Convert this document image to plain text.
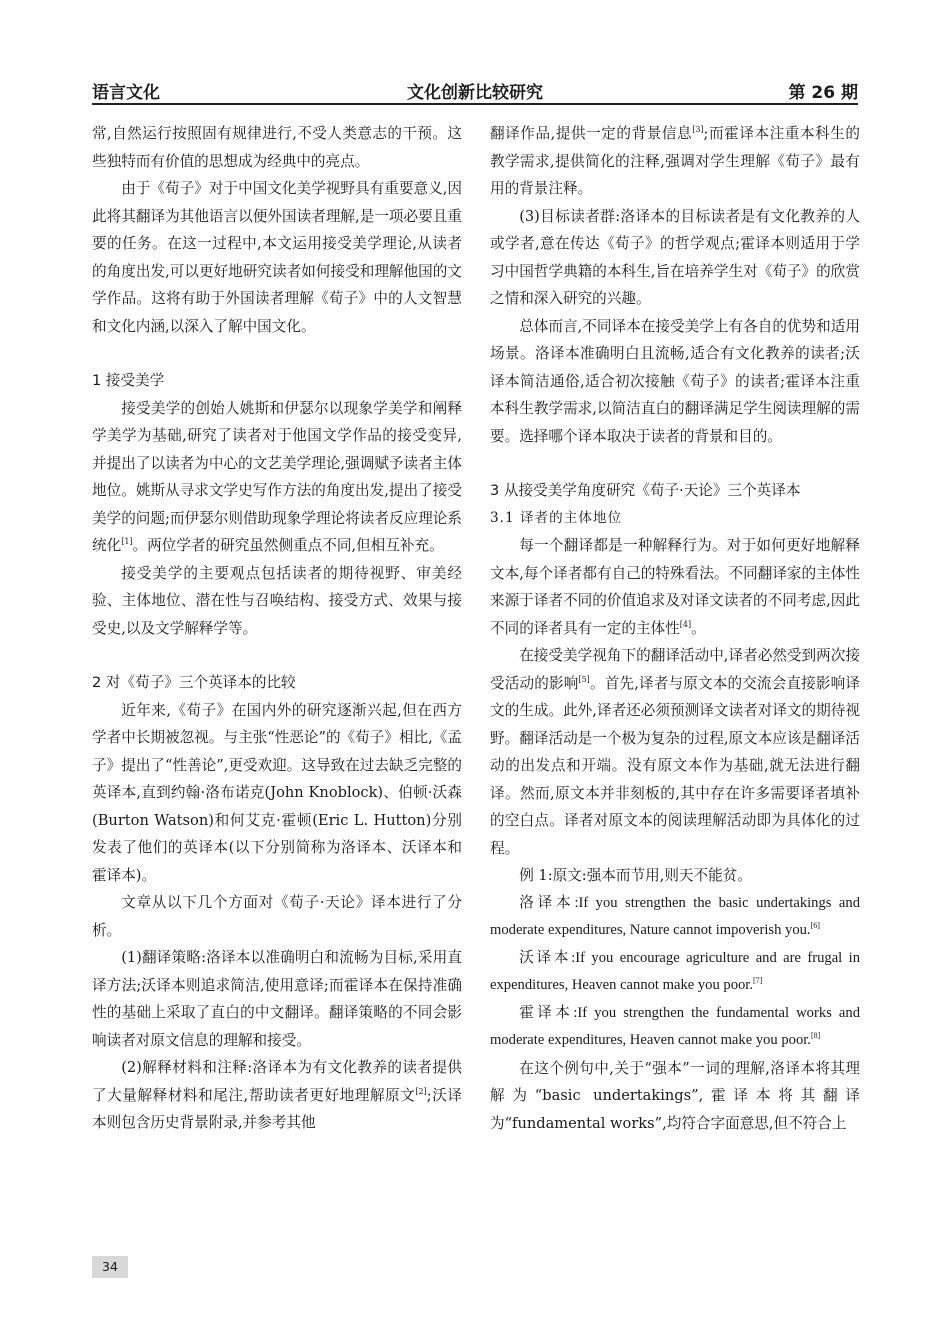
语言文化	文化创新比较研究	第 26 期

常,自然运行按照固有规律进行,不受人类意志的干预。这些独特而有价值的思想成为经典中的亮点。

由于《荀子》对于中国文化美学视野具有重要意义,因此将其翻译为其他语言以便外国读者理解,是一项必要且重要的任务。在这一过程中,本文运用接受美学理论,从读者的角度出发,可以更好地研究读者如何接受和理解他国的文学作品。这将有助于外国读者理解《荀子》中的人文智慧和文化内涵,以深入了解中国文化。

1 接受美学

接受美学的创始人姚斯和伊瑟尔以现象学美学和阐释学美学为基础,研究了读者对于他国文学作品的接受变异,并提出了以读者为中心的文艺美学理论,强调赋予读者主体地位。姚斯从寻求文学史写作方法的角度出发,提出了接受美学的问题;而伊瑟尔则借助现象学理论将读者反应理论系统化[1]。两位学者的研究虽然侧重点不同,但相互补充。

接受美学的主要观点包括读者的期待视野、审美经验、主体地位、潜在性与召唤结构、接受方式、效果与接受史,以及文学解释学等。

2 对《荀子》三个英译本的比较

近年来,《荀子》在国内外的研究逐渐兴起,但在西方学者中长期被忽视。与主张“性恶论”的《荀子》相比,《孟子》提出了“性善论”,更受欢迎。这导致在过去缺乏完整的英译本,直到约翰·洛布诺克(John Knoblock)、伯顿·沃森(Burton Watson)和何艾克·霍顿(Eric L. Hutton)分别发表了他们的英译本(以下分别简称为洛译本、沃译本和霍译本)。

文章从以下几个方面对《荀子·天论》译本进行了分析。

(1)翻译策略:洛译本以准确明白和流畅为目标,采用直译方法;沃译本则追求简洁,使用意译;而霍译本在保持准确性的基础上采取了直白的中文翻译。翻译策略的不同会影响读者对原文信息的理解和接受。

(2)解释材料和注释:洛译本为有文化教养的读者提供了大量解释材料和尾注,帮助读者更好地理解原文[2];沃译本则包含历史背景附录,并参考其他

翻译作品,提供一定的背景信息[3];而霍译本注重本科生的教学需求,提供简化的注释,强调对学生理解《荀子》最有用的背景注释。

(3)目标读者群:洛译本的目标读者是有文化教养的人或学者,意在传达《荀子》的哲学观点;霍译本则适用于学习中国哲学典籍的本科生,旨在培养学生对《荀子》的欣赏之情和深入研究的兴趣。

总体而言,不同译本在接受美学上有各自的优势和适用场景。洛译本准确明白且流畅,适合有文化教养的读者;沃译本简洁通俗,适合初次接触《荀子》的读者;霍译本注重本科生教学需求,以简洁直白的翻译满足学生阅读理解的需要。选择哪个译本取决于读者的背景和目的。

3 从接受美学角度研究《荀子·天论》三个英译本

3.1 译者的主体地位

每一个翻译都是一种解释行为。对于如何更好地解释文本,每个译者都有自己的特殊看法。不同翻译家的主体性来源于译者不同的价值追求及对译文读者的不同考虑,因此不同的译者具有一定的主体性[4]。

在接受美学视角下的翻译活动中,译者必然受到两次接受活动的影响[5]。首先,译者与原文本的交流会直接影响译文的生成。此外,译者还必须预测译文读者对译文的期待视野。翻译活动是一个极为复杂的过程,原文本应该是翻译活动的出发点和开端。没有原文本作为基础,就无法进行翻译。然而,原文本并非刻板的,其中存在许多需要译者填补的空白点。译者对原文本的阅读理解活动即为具体化的过程。

例 1:原文:强本而节用,则天不能贫。

洛译本:If you strengthen the basic undertakings and moderate expenditures, Nature cannot impoverish you.[6]

沃译本:If you encourage agriculture and are frugal in expenditures, Heaven cannot make you poor.[7]

霍译本:If you strengthen the fundamental works and moderate expenditures, Heaven cannot make you poor.[8]

在这个例句中,关于“强本”一词的理解,洛译本将其理解为“basic undertakings”,霍译本将其翻译为“fundamental works”,均符合字面意思,但不符合上

34
